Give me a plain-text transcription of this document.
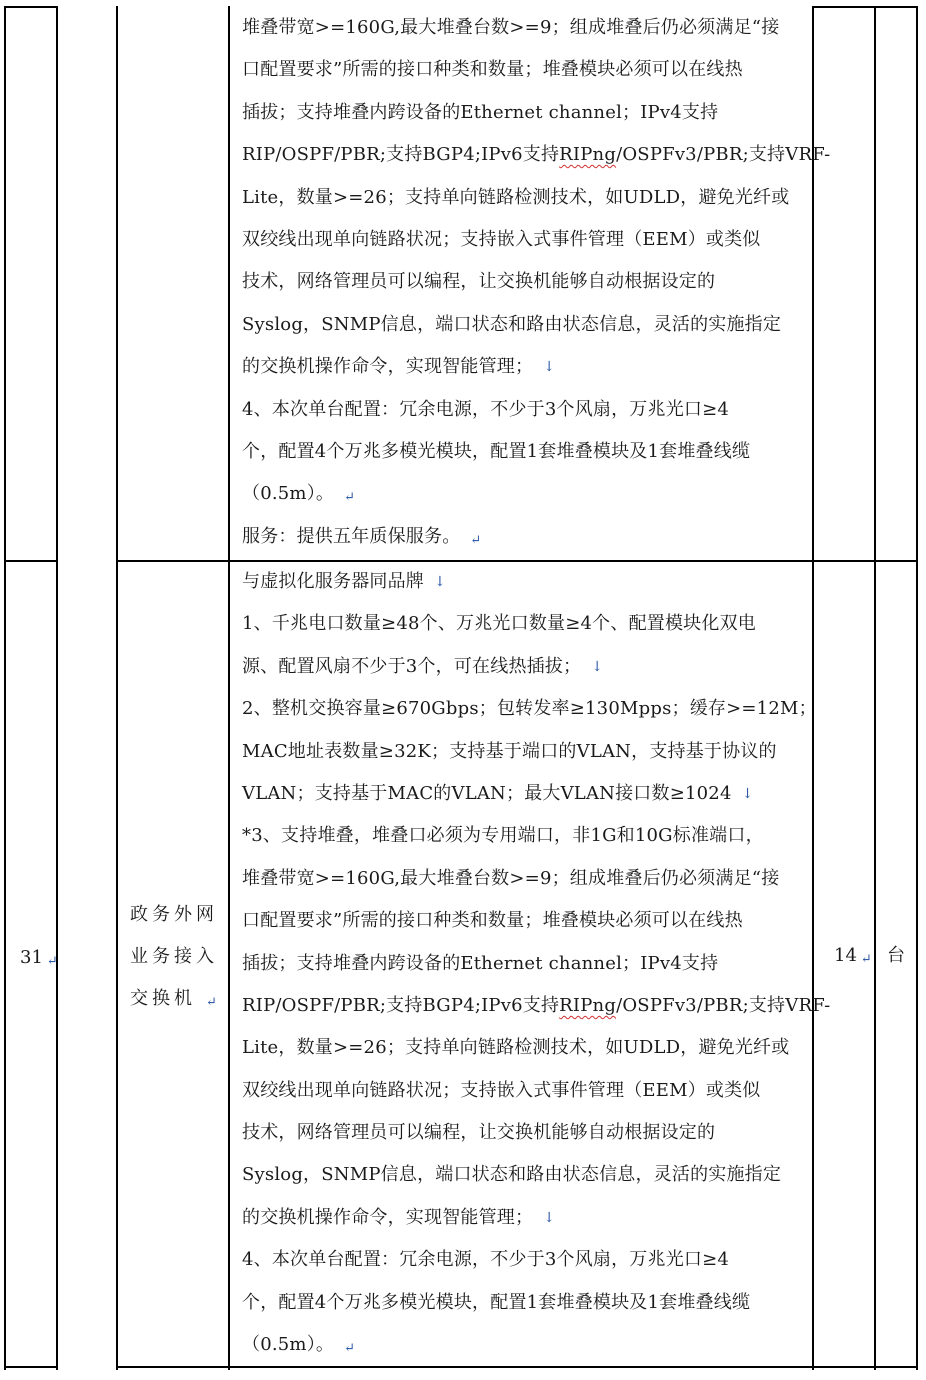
堆叠带宽>=160G,最大堆叠台数>=9；组成堆叠后仍必须满足“接
口配置要求”所需的接口种类和数量；堆叠模块必须可以在线热
插拔；支持堆叠内跨设备的Ethernet channel；IPv4支持
RIP/OSPF/PBR;支持BGP4;IPv6支持RIPng/OSPFv3/PBR;支持VRF-
Lite，数量>=26；支持单向链路检测技术，如UDLD，避免光纤或
双绞线出现单向链路状况；支持嵌入式事件管理（EEM）或类似
技术，网络管理员可以编程，让交换机能够自动根据设定的
Syslog，SNMP信息，端口状态和路由状态信息，灵活的实施指定
的交换机操作命令，实现智能管理； ↓
4、本次单台配置：冗余电源，不少于3个风扇，万兆光口≥4
个，配置4个万兆多模光模块，配置1套堆叠模块及1套堆叠线缆
（0.5m）。 ↵
服务：提供五年质保服务。 ↵
31 ↵
政务外网
业务接入
交换机 ↵
与虚拟化服务器同品牌 ↓
1、千兆电口数量≥48个、万兆光口数量≥4个、配置模块化双电
源、配置风扇不少于3个，可在线热插拔； ↓
2、整机交换容量≥670Gbps；包转发率≥130Mpps；缓存>=12M；
MAC地址表数量≥32K；支持基于端口的VLAN，支持基于协议的
VLAN；支持基于MAC的VLAN；最大VLAN接口数≥1024 ↓
*3、支持堆叠，堆叠口必须为专用端口，非1G和10G标准端口，
堆叠带宽>=160G,最大堆叠台数>=9；组成堆叠后仍必须满足“接
口配置要求”所需的接口种类和数量；堆叠模块必须可以在线热
插拔；支持堆叠内跨设备的Ethernet channel；IPv4支持
RIP/OSPF/PBR;支持BGP4;IPv6支持RIPng/OSPFv3/PBR;支持VRF-
Lite，数量>=26；支持单向链路检测技术，如UDLD，避免光纤或
双绞线出现单向链路状况；支持嵌入式事件管理（EEM）或类似
技术，网络管理员可以编程，让交换机能够自动根据设定的
Syslog，SNMP信息，端口状态和路由状态信息，灵活的实施指定
的交换机操作命令，实现智能管理； ↓
4、本次单台配置：冗余电源，不少于3个风扇，万兆光口≥4
个，配置4个万兆多模光模块，配置1套堆叠模块及1套堆叠线缆
（0.5m）。 ↵
14 ↵ 台
